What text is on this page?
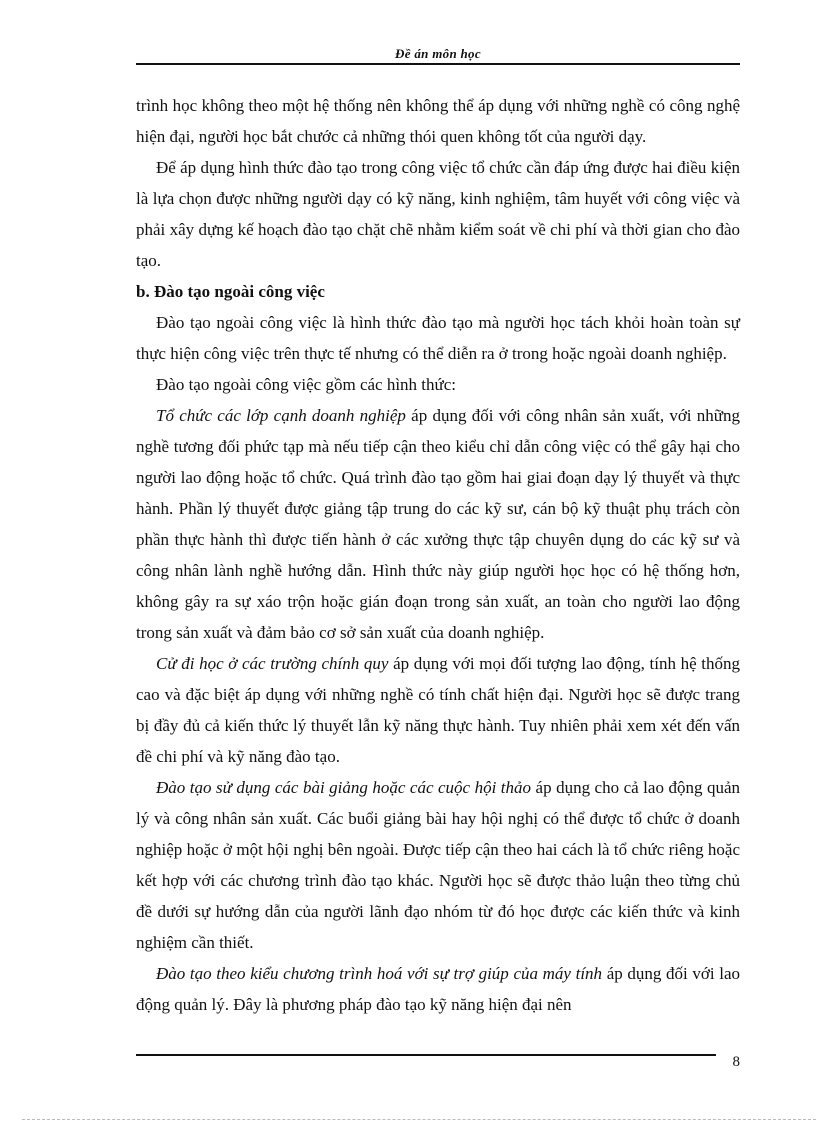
Đề án môn học

trình học không theo một hệ thống nên không thể áp dụng với những nghề có công nghệ hiện đại, người học bắt chước cả những thói quen không tốt của người dạy.

Để áp dụng hình thức đào tạo trong công việc tổ chức cần đáp ứng được hai điều kiện là lựa chọn được những người dạy có kỹ năng, kinh nghiệm, tâm huyết với công việc và phải xây dựng kế hoạch đào tạo chặt chẽ nhằm kiểm soát về chi phí và thời gian cho đào tạo.

b. Đào tạo ngoài công việc

Đào tạo ngoài công việc là hình thức đào tạo mà người học tách khỏi hoàn toàn sự thực hiện công việc trên thực tế nhưng có thể diễn ra ở trong hoặc ngoài doanh nghiệp.

Đào tạo ngoài công việc gồm các hình thức:

Tổ chức các lớp cạnh doanh nghiệp áp dụng đối với công nhân sản xuất, với những nghề tương đối phức tạp mà nếu tiếp cận theo kiểu chỉ dẫn công việc có thể gây hại cho người lao động hoặc tổ chức. Quá trình đào tạo gồm hai giai đoạn dạy lý thuyết và thực hành. Phần lý thuyết được giảng tập trung do các kỹ sư, cán bộ kỹ thuật phụ trách còn phần thực hành thì được tiến hành ở các xưởng thực tập chuyên dụng do các kỹ sư và công nhân lành nghề hướng dẫn. Hình thức này giúp người học học có hệ thống hơn, không gây ra sự xáo trộn hoặc gián đoạn trong sản xuất, an toàn cho người lao động trong sản xuất và đảm bảo cơ sở sản xuất của doanh nghiệp.

Cử đi học ở các trường chính quy áp dụng với mọi đối tượng lao động, tính hệ thống cao và đặc biệt áp dụng với những nghề có tính chất hiện đại. Người học sẽ được trang bị đầy đủ cả kiến thức lý thuyết lẫn kỹ năng thực hành. Tuy nhiên phải xem xét đến vấn đề chi phí và kỹ năng đào tạo.

Đào tạo sử dụng các bài giảng hoặc các cuộc hội thảo áp dụng cho cả lao động quản lý và công nhân sản xuất. Các buổi giảng bài hay hội nghị có thể được tổ chức ở doanh nghiệp hoặc ở một hội nghị bên ngoài. Được tiếp cận theo hai cách là tổ chức riêng hoặc kết hợp với các chương trình đào tạo khác. Người học sẽ được thảo luận theo từng chủ đề dưới sự hướng dẫn của người lãnh đạo nhóm từ đó học được các kiến thức và kinh nghiệm cần thiết.

Đào tạo theo kiểu chương trình hoá với sự trợ giúp của máy tính áp dụng đối với lao động quản lý. Đây là phương pháp đào tạo kỹ năng hiện đại nên

8
